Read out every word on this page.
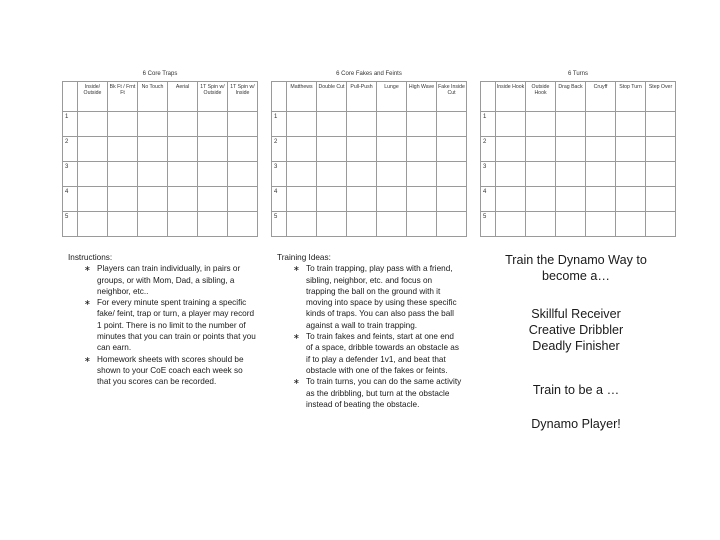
6 Core Traps
	Inside/ Outside	Bk Ft / Frnt Ft	No Touch	Aerial	1T Spin w/ Outside	1T Spin w/ Inside
1						
2						
3						
4						
5						
6 Core Fakes and Feints
	Matthews	Double Cut	Pull-Push	Lunge	High Wave	Fake Inside Cut
1						
2						
3						
4						
5						
6 Turns
	Inside Hook	Outside Hook	Drag Back	Cruyff	Stop Turn	Step Over
1						
2						
3						
4						
5						

Instructions:

∗ Players can train individually, in pairs or groups, or with Mom, Dad, a sibling, a neighbor, etc..
∗ For every minute spent training a specific fake/ feint, trap or turn, a player may record 1 point. There is no limit to the number of minutes that you can train or points that you can earn.
∗ Homework sheets with scores should be shown to your CoE coach each week so that you scores can be recorded.

Training Ideas:

∗ To train trapping, play pass with a friend, sibling, neighbor, etc. and focus on trapping the ball on the ground with it moving into space by using these specific kinds of traps. You can also pass the ball against a wall to train trapping.
∗ To train fakes and feints, start at one end of a space, dribble towards an obstacle as if to play a defender 1v1, and beat that obstacle with one of the fakes or feints.
∗ To train turns, you can do the same activity as the dribbling, but turn at the obstacle instead of beating the obstacle.

Train the Dynamo Way to become a…

Skillful Receiver

Creative Dribbler

Deadly Finisher

Train to be a …

Dynamo Player!
